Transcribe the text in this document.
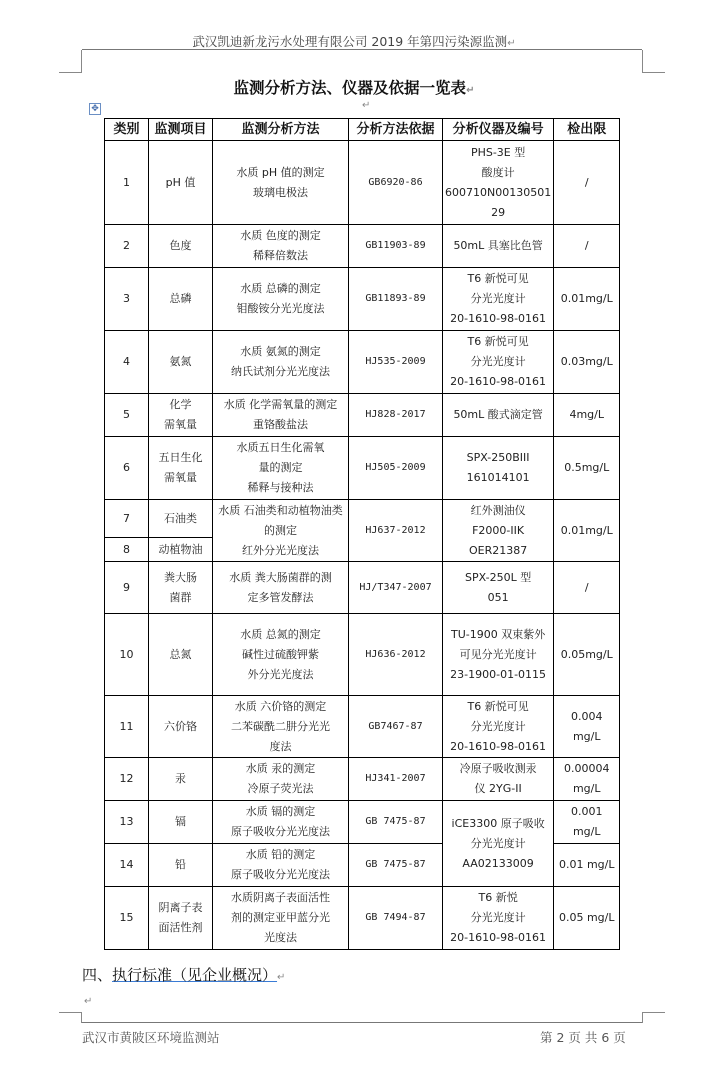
武汉凯迪新龙污水处理有限公司 2019 年第四污染源监测↵
监测分析方法、仪器及依据一览表↵
↵
✥
类别	监测项目	监测分析方法	分析方法依据	分析仪器及编号	检出限
1	pH 值	水质 pH 值的测定
玻璃电极法	GB6920-86	PHS-3E 型
酸度计
600710N00130501
29	/
2	色度	水质 色度的测定
稀释倍数法	GB11903-89	50mL 具塞比色管	/
3	总磷	水质 总磷的测定
钼酸铵分光光度法	GB11893-89	T6 新悦可见
分光光度计
20-1610-98-0161	0.01mg/L
4	氨氮	水质 氨氮的测定
纳氏试剂分光光度法	HJ535-2009	T6 新悦可见
分光光度计
20-1610-98-0161	0.03mg/L
5	化学
需氧量	水质 化学需氧量的测定
重铬酸盐法	HJ828-2017	50mL 酸式滴定管	4mg/L
6	五日生化
需氧量	水质五日生化需氧
量的测定
稀释与接种法	HJ505-2009	SPX-250BIII
161014101	0.5mg/L
7	石油类	水质 石油类和动植物油类的测定
红外分光光度法	HJ637-2012	红外测油仪
F2000-IIK
OER21387	0.01mg/L
8	动植物油				
9	粪大肠
菌群	水质 粪大肠菌群的测
定多管发酵法	HJ/T347-2007	SPX-250L 型
051	/
10	总氮	水质 总氮的测定
碱性过硫酸钾紫
外分光光度法	HJ636-2012	TU-1900 双束紫外
可见分光光度计
23-1900-01-0115	0.05mg/L
11	六价铬	水质 六价铬的测定
二苯碳酰二肼分光光
度法	GB7467-87	T6 新悦可见
分光光度计
20-1610-98-0161	0.004 mg/L
12	汞	水质 汞的测定
冷原子荧光法	HJ341-2007	冷原子吸收测汞
仪 2YG-II	0.00004
mg/L
13	镉	水质 镉的测定
原子吸收分光光度法	GB 7475-87	iCE3300 原子吸收
分光光度计
AA02133009	0.001 mg/L
14	铅	水质 铅的测定
原子吸收分光光度法	GB 7475-87		0.01 mg/L
15	阴离子表
面活性剂	水质阴离子表面活性
剂的测定亚甲蓝分光
光度法	GB 7494-87	T6 新悦
分光光度计
20-1610-98-0161	0.05 mg/L
四、执行标准（见企业概况）↵
↵
武汉市黄陂区环境监测站	第 2 页 共 6 页
